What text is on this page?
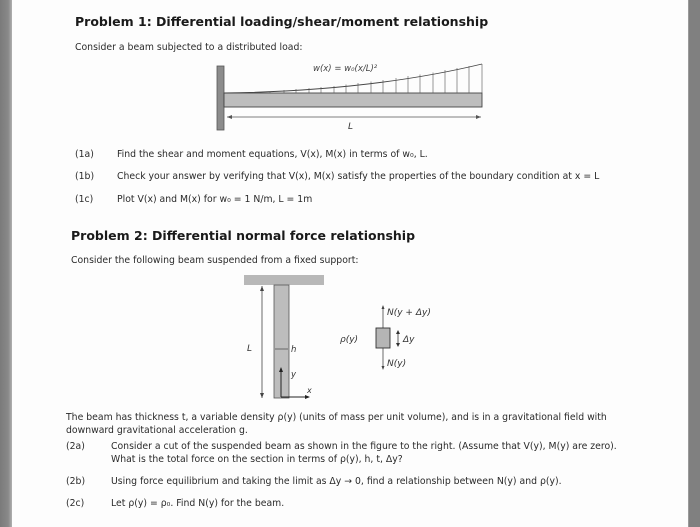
Problem 1: Differential loading/shear/moment relationship
Consider a beam subjected to a distributed load:
L
w(x) = w₀(x/L)²
(1a) Find the shear and moment equations, V(x), M(x) in terms of w₀, L.
(1b) Check your answer by verifying that V(x), M(x) satisfy the properties of the boundary condition at x = L
(1c)	Plot V(x) and M(x) for w₀ = 1 N/m, L = 1m
Problem 2: Differential normal force relationship
Consider the following beam suspended from a fixed support:
L	h
y
x
ρ(y)
N(y + Δy)
Δy
N(y)
The beam has thickness t, a variable density ρ(y) (units of mass per unit volume), and is in a gravitational field with
downward gravitational acceleration g.
(2a)	Consider a cut of the suspended beam as shown in the figure to the right. (Assume that V(y), M(y) are zero).
What is the total force on the section in terms of ρ(y), h, t, Δy?
(2b)	Using force equilibrium and taking the limit as Δy → 0, find a relationship between N(y) and ρ(y).
(2c)	Let ρ(y) = ρ₀. Find N(y) for the beam.
